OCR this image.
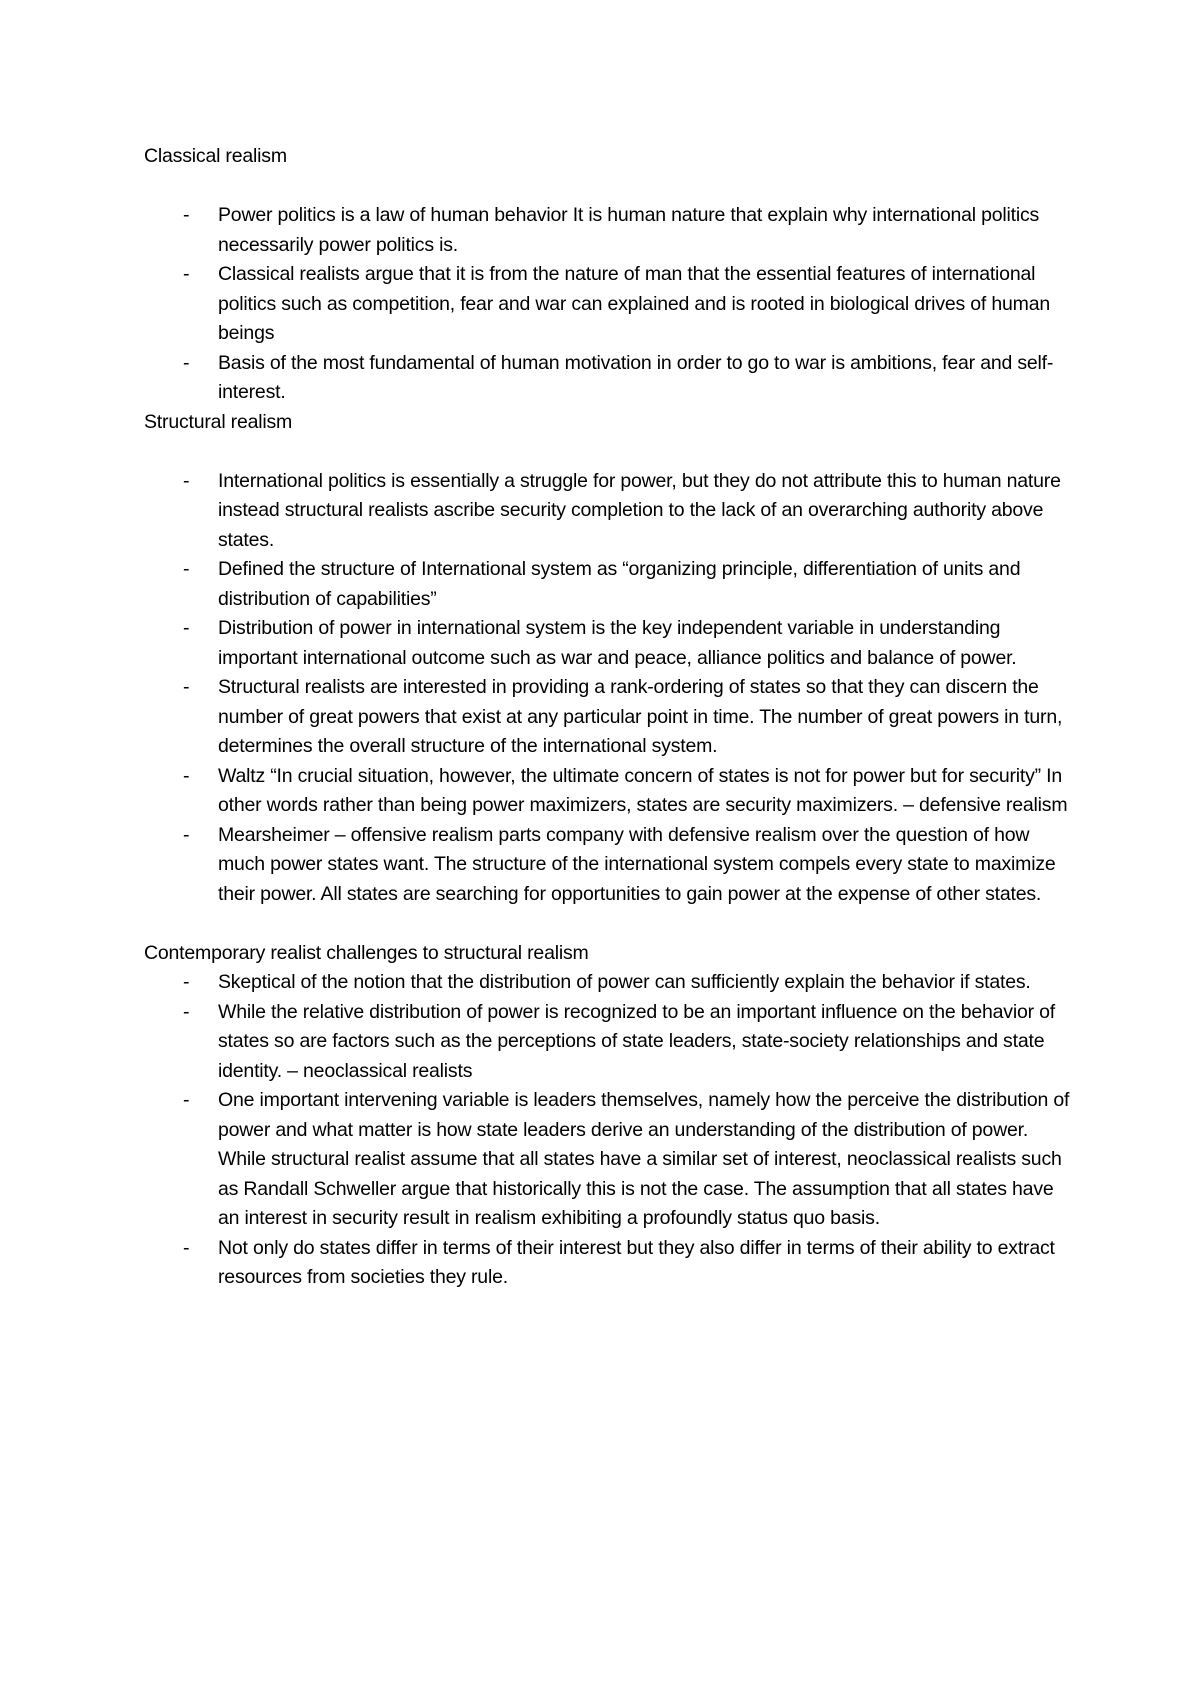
Classical realism

- Power politics is a law of human behavior It is human nature that explain why international politics necessarily power politics is.
- Classical realists argue that it is from the nature of man that the essential features of international politics such as competition, fear and war can explained and is rooted in biological drives of human beings
- Basis of the most fundamental of human motivation in order to go to war is ambitions, fear and self-interest.

Structural realism

- International politics is essentially a struggle for power, but they do not attribute this to human nature instead structural realists ascribe security completion to the lack of an overarching authority above states.
- Defined the structure of International system as “organizing principle, differentiation of units and distribution of capabilities”
- Distribution of power in international system is the key independent variable in understanding important international outcome such as war and peace, alliance politics and balance of power.
- Structural realists are interested in providing a rank-ordering of states so that they can discern the number of great powers that exist at any particular point in time. The number of great powers in turn, determines the overall structure of the international system.
- Waltz “In crucial situation, however, the ultimate concern of states is not for power but for security” In other words rather than being power maximizers, states are security maximizers. – defensive realism
- Mearsheimer – offensive realism parts company with defensive realism over the question of how much power states want. The structure of the international system compels every state to maximize their power. All states are searching for opportunities to gain power at the expense of other states.

Contemporary realist challenges to structural realism

- Skeptical of the notion that the distribution of power can sufficiently explain the behavior if states.
- While the relative distribution of power is recognized to be an important influence on the behavior of states so are factors such as the perceptions of state leaders, state-society relationships and state identity. – neoclassical realists
- One important intervening variable is leaders themselves, namely how the perceive the distribution of power and what matter is how state leaders derive an understanding of the distribution of power. While structural realist assume that all states have a similar set of interest, neoclassical realists such as Randall Schweller argue that historically this is not the case. The assumption that all states have an interest in security result in realism exhibiting a profoundly status quo basis.
- Not only do states differ in terms of their interest but they also differ in terms of their ability to extract resources from societies they rule.
